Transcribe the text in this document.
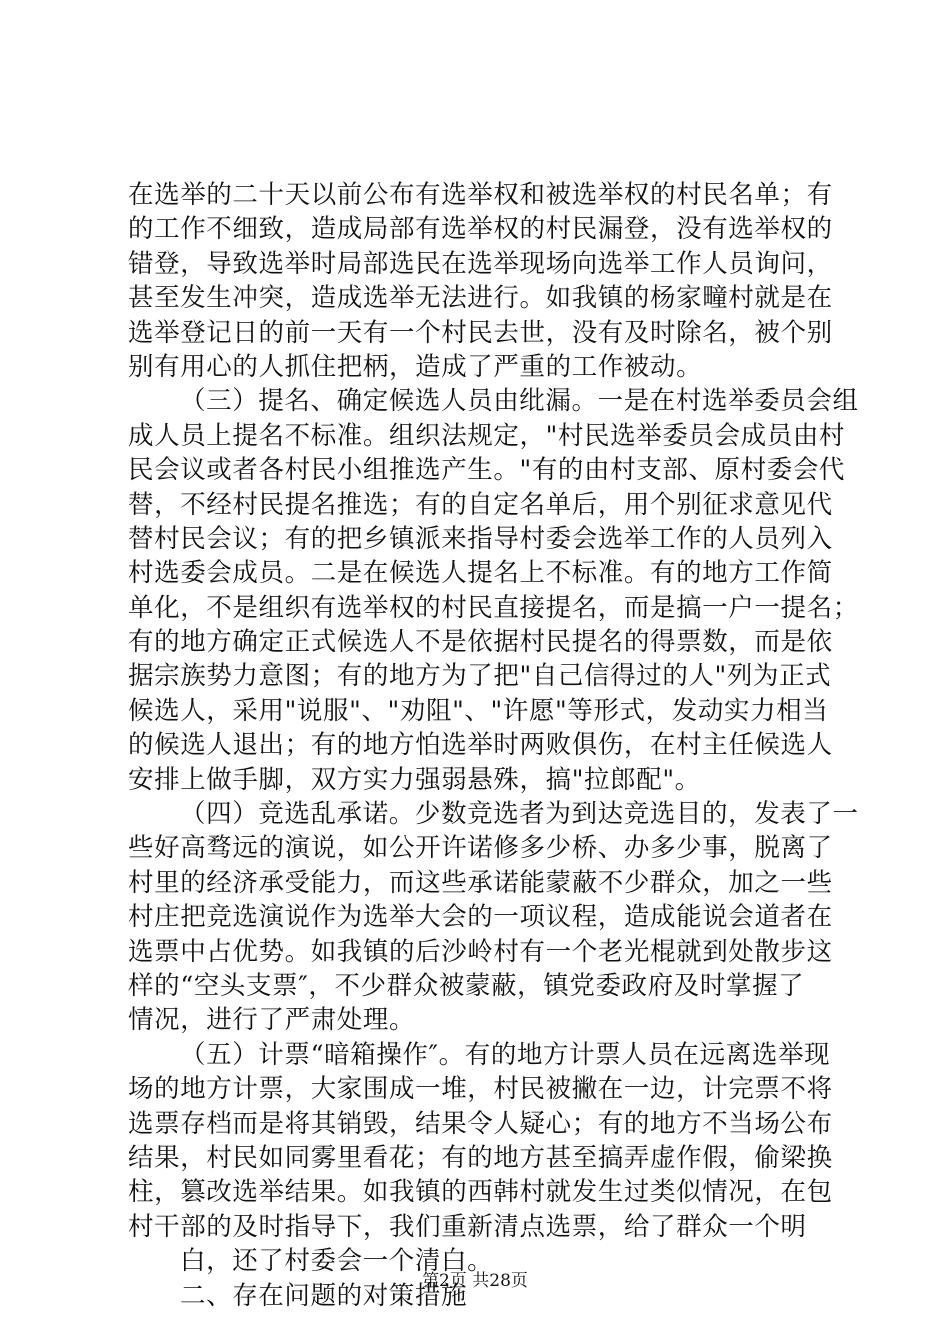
在选举的二十天以前公布有选举权和被选举权的村民名单；有
的工作不细致，造成局部有选举权的村民漏登，没有选举权的
错登，导致选举时局部选民在选举现场向选举工作人员询问，
甚至发生冲突，造成选举无法进行。如我镇的杨家疃村就是在
选举登记日的前一天有一个村民去世，没有及时除名，被个别
别有用心的人抓住把柄，造成了严重的工作被动。
（三）提名、确定候选人员由纰漏。一是在村选举委员会组
成人员上提名不标准。组织法规定，"村民选举委员会成员由村
民会议或者各村民小组推选产生。"有的由村支部、原村委会代
替，不经村民提名推选；有的自定名单后，用个别征求意见代
替村民会议；有的把乡镇派来指导村委会选举工作的人员列入
村选委会成员。二是在候选人提名上不标准。有的地方工作简
单化，不是组织有选举权的村民直接提名，而是搞一户一提名；
有的地方确定正式候选人不是依据村民提名的得票数，而是依
据宗族势力意图；有的地方为了把"自己信得过的人"列为正式
候选人，采用"说服"、"劝阻"、"许愿"等形式，发动实力相当
的候选人退出；有的地方怕选举时两败俱伤，在村主任候选人
安排上做手脚，双方实力强弱悬殊，搞"拉郎配"。
（四）竞选乱承诺。少数竞选者为到达竞选目的，发表了一
些好高骛远的演说，如公开许诺修多少桥、办多少事，脱离了
村里的经济承受能力，而这些承诺能蒙蔽不少群众，加之一些
村庄把竞选演说作为选举大会的一项议程，造成能说会道者在
选票中占优势。如我镇的后沙岭村有一个老光棍就到处散步这
样的“空头支票″，不少群众被蒙蔽，镇党委政府及时掌握了
情况，进行了严肃处理。
（五）计票“暗箱操作″。有的地方计票人员在远离选举现
场的地方计票，大家围成一堆，村民被撇在一边，计完票不将
选票存档而是将其销毁，结果令人疑心；有的地方不当场公布
结果，村民如同雾里看花；有的地方甚至搞弄虚作假，偷梁换
柱，篡改选举结果。如我镇的西韩村就发生过类似情况，在包
村干部的及时指导下，我们重新清点选票，给了群众一个明
白，还了村委会一个清白。
二、存在问题的对策措施
第2页 共28页
